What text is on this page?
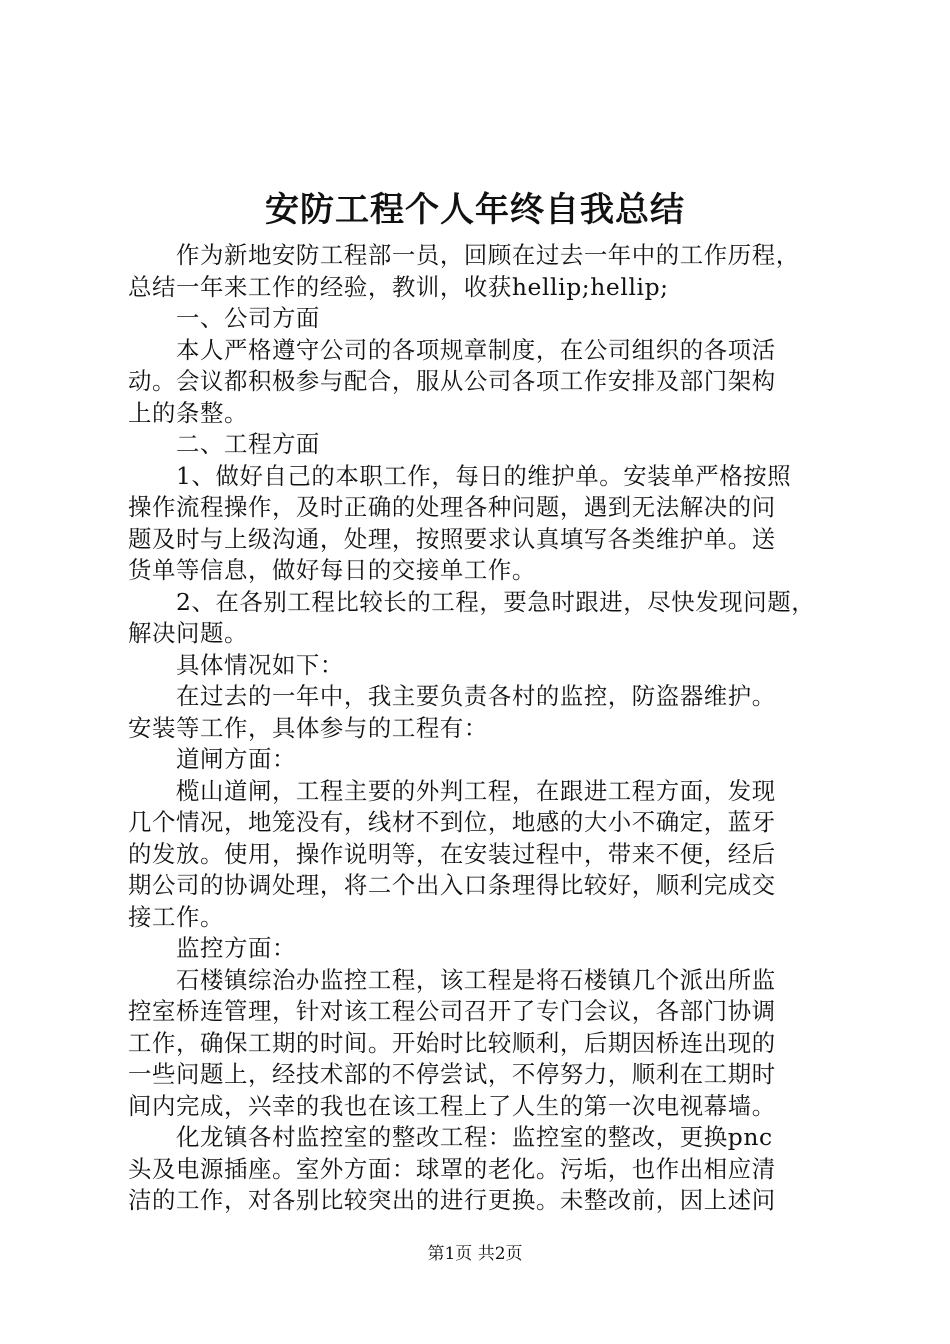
安防工程个人年终自我总结
　　作为新地安防工程部一员，回顾在过去一年中的工作历程，
总结一年来工作的经验，教训，收获hellip;hellip;
　　一、公司方面
　　本人严格遵守公司的各项规章制度，在公司组织的各项活
动。会议都积极参与配合，服从公司各项工作安排及部门架构
上的条整。
　　二、工程方面
　　1、做好自己的本职工作，每日的维护单。安装单严格按照
操作流程操作，及时正确的处理各种问题，遇到无法解决的问
题及时与上级沟通，处理，按照要求认真填写各类维护单。送
货单等信息，做好每日的交接单工作。
　　2、在各别工程比较长的工程，要急时跟进，尽快发现问题，
解决问题。
　　具体情况如下：
　　在过去的一年中，我主要负责各村的监控，防盗器维护。
安装等工作，具体参与的工程有：
　　道闸方面：
　　榄山道闸，工程主要的外判工程，在跟进工程方面，发现
几个情况，地笼没有，线材不到位，地感的大小不确定，蓝牙
的发放。使用，操作说明等，在安装过程中，带来不便，经后
期公司的协调处理，将二个出入口条理得比较好，顺利完成交
接工作。
　　监控方面：
　　石楼镇综治办监控工程，该工程是将石楼镇几个派出所监
控室桥连管理，针对该工程公司召开了专门会议，各部门协调
工作，确保工期的时间。开始时比较顺利，后期因桥连出现的
一些问题上，经技术部的不停尝试，不停努力，顺利在工期时
间内完成，兴幸的我也在该工程上了人生的第一次电视幕墙。
　　化龙镇各村监控室的整改工程：监控室的整改，更换pnc
头及电源插座。室外方面：球罩的老化。污垢，也作出相应清
洁的工作，对各别比较突出的进行更换。未整改前，因上述问
第1页 共2页
